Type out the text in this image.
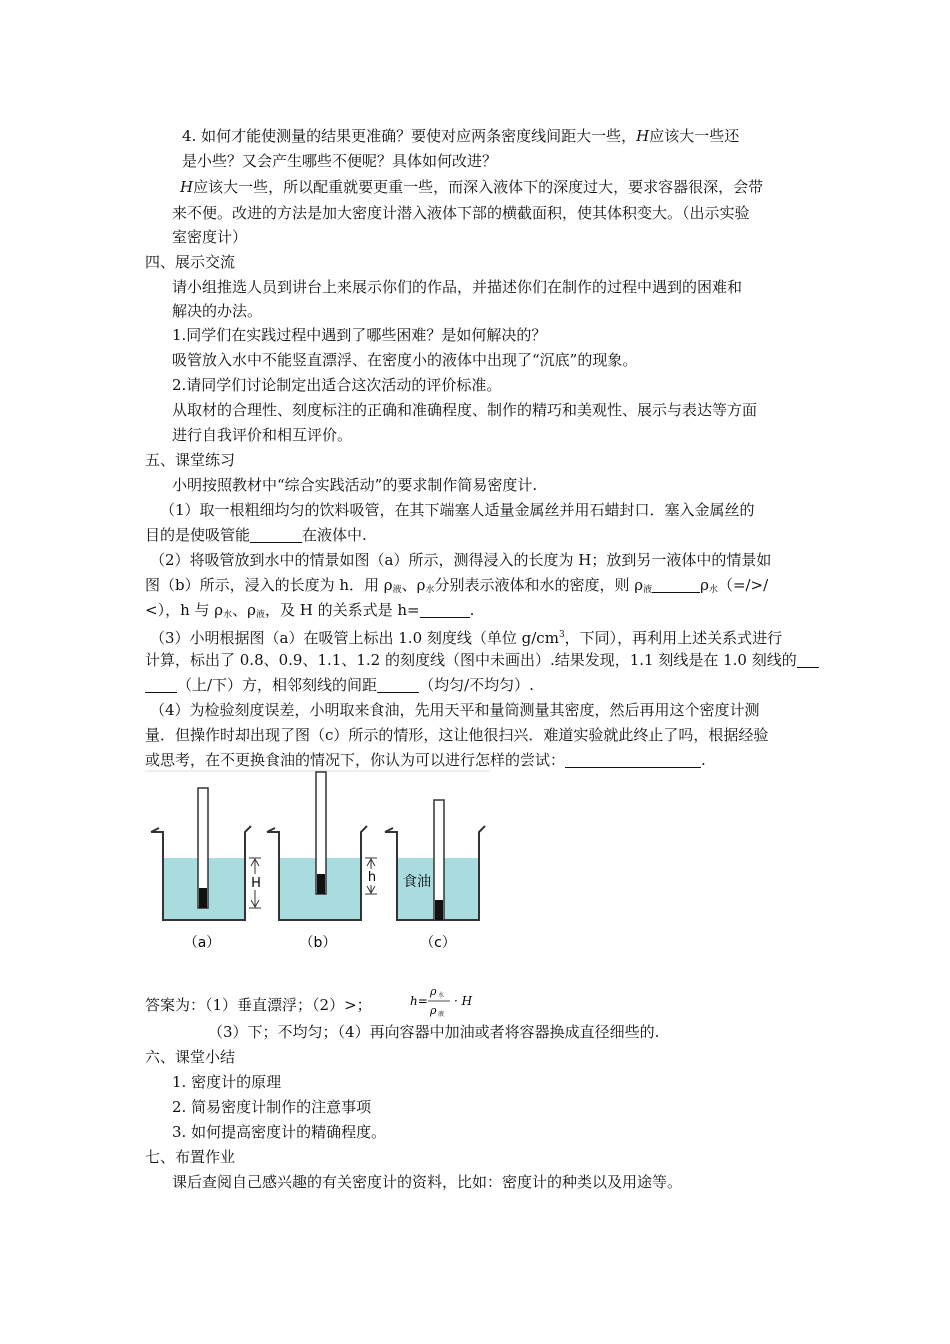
4. 如何才能使测量的结果更准确？要使对应两条密度线间距大一些，H应该大一些还
是小些？又会产生哪些不便呢？具体如何改进？
H应该大一些，所以配重就要更重一些，而深入液体下的深度过大，要求容器很深，会带
来不便。改进的方法是加大密度计潜入液体下部的横截面积，使其体积变大。（出示实验
室密度计）
四、展示交流
请小组推选人员到讲台上来展示你们的作品，并描述你们在制作的过程中遇到的困难和
解决的办法。
1.同学们在实践过程中遇到了哪些困难？是如何解决的？
吸管放入水中不能竖直漂浮、在密度小的液体中出现了“沉底”的现象。
2.请同学们讨论制定出适合这次活动的评价标准。
从取材的合理性、刻度标注的正确和准确程度、制作的精巧和美观性、展示与表达等方面
进行自我评价和相互评价。
五、课堂练习
小明按照教材中“综合实践活动”的要求制作简易密度计.
（1）取一根粗细均匀的饮料吸管，在其下端塞人适量金属丝并用石蜡封口．塞入金属丝的
目的是使吸管能	在液体中.
（2）将吸管放到水中的情景如图（a）所示，测得浸入的长度为 H；放到另一液体中的情景如
图（b）所示，浸入的长度为 h．用 $\rho_液$、$\rho_水$分别表示液体和水的密度，则 $\rho_液$	$\rho_水(=/>/$
<），h 与 $\rho_水$、$\rho_液$，及 H 的关系式是 h=	.
（3）小明根据图（a）在吸管上标出 1.0 刻度线（单位 $g/cm^3$，下同），再利用上述关系式进行
计算，标出了 0.8、0.9、1.1、1.2 的刻度线（图中未画出）.结果发现，1.1 刻线是在 1.0 刻线的
（上/下）方，相邻刻线的间距	（均匀/不均匀）.
（4）为检验刻度误差，小明取来食油，先用天平和量筒测量其密度，然后再用这个密度计测
量．但操作时却出现了图（c）所示的情形，这让他很扫兴．难道实验就此终止了吗，根据经验
或思考，在不更换食油的情况下，你认为可以进行怎样的尝试：	.
H
（a）
h
（b）
食油
（c）
答案为：（1）垂直漂浮；（2）>；	h=
ρ 水
ρ 液
· H
（3）下；不均匀；（4）再向容器中加油或者将容器换成直径细些的.
六、课堂小结
1. 密度计的原理
2. 简易密度计制作的注意事项
3. 如何提高密度计的精确程度。
七、布置作业
课后查阅自己感兴趣的有关密度计的资料，比如：密度计的种类以及用途等。
